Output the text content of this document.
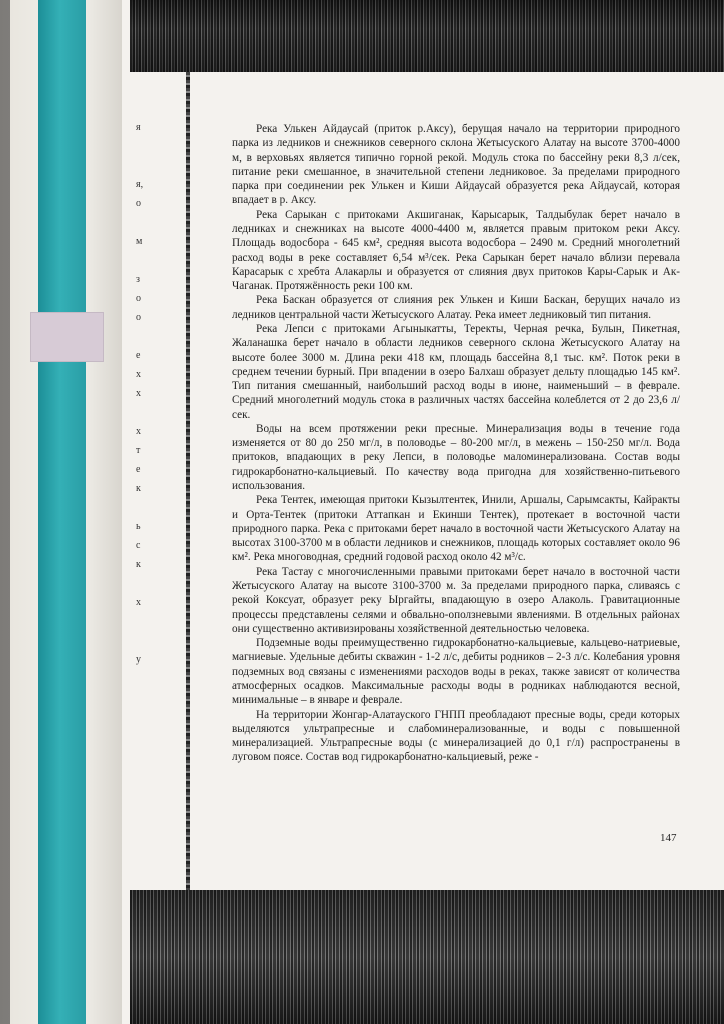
я
я,
о
м
з
о
о
е
х
х
х
т
е
к
ь
с
к
х
у

Река Улькен Айдаусай (приток р.Аксу), берущая начало на территории природного парка из ледников и снежников северного склона Жетысуского Алатау на высоте 3700-4000 м, в верховьях является типично горной рекой. Модуль стока по бассейну реки 8,3 л/сек, питание реки смешанное, в значительной степени ледниковое. За пределами природного парка при соединении рек Улькен и Киши Айдаусай образуется река Айдаусай, которая впадает в р. Аксу.

Река Сарыкан с притоками Акшиганак, Карысарык, Талдыбулак берет начало в ледниках и снежниках на высоте 4000-4400 м, является правым притоком реки Аксу. Площадь водосбора - 645 км², средняя высота водосбора – 2490 м. Средний многолетний расход воды в реке составляет 6,54 м³/сек. Река Сарыкан берет начало вблизи перевала Карасарык с хребта Алакарлы и образуется от слияния двух притоков Кары-Сарык и Ак-Чаганак. Протяжённость реки 100 км.

Река Баскан образуется от слияния рек Улькен и Киши Баскан, берущих начало из ледников центральной части Жетысуского Алатау. Река имеет ледниковый тип питания.

Река Лепси с притоками Агыныкатты, Теректы, Черная речка, Булын, Пикетная, Жаланашка берет начало в области ледников северного склона Жетысуского Алатау на высоте более 3000 м. Длина реки 418 км, площадь бассейна 8,1 тыс. км². Поток реки в среднем течении бурный. При впадении в озеро Балхаш образует дельту площадью 145 км². Тип питания смешанный, наибольший расход воды в июне, наименьший – в феврале. Средний многолетний модуль стока в различных частях бассейна колеблется от 2 до 23,6 л/сек.

Воды на всем протяжении реки пресные. Минерализация воды в течение года изменяется от 80 до 250 мг/л, в половодье – 80-200 мг/л, в межень – 150-250 мг/л. Вода притоков, впадающих в реку Лепси, в половодье маломинерализована. Состав воды гидрокарбонатно-кальциевый. По качеству вода пригодна для хозяйственно-питьевого использования.

Река Тентек, имеющая притоки Кызылтентек, Инили, Аршалы, Сарымсакты, Кайракты и Орта-Тентек (притоки Аттапкан и Екинши Тентек), протекает в восточной части природного парка. Река с притоками берет начало в восточной части Жетысуского Алатау на высотах 3100-3700 м в области ледников и снежников, площадь которых составляет около 96 км². Река многоводная, средний годовой расход около 42 м³/с.

Река Тастау с многочисленными правыми притоками берет начало в восточной части Жетысуского Алатау на высоте 3100-3700 м. За пределами природного парка, сливаясь с рекой Коксуат, образует реку Ыргайты, впадающую в озеро Алаколь. Гравитационные процессы представлены селями и обвально-оползневыми явлениями. В отдельных районах они существенно активизированы хозяйственной деятельностью человека.

Подземные воды преимущественно гидрокарбонатно-кальциевые, кальцево-натриевые, магниевые. Удельные дебиты скважин - 1-2 л/с, дебиты родников – 2-3 л/с. Колебания уровня подземных вод связаны с изменениями расходов воды в реках, также зависят от количества атмосферных осадков. Максимальные расходы воды в родниках наблюдаются весной, минимальные – в январе и феврале.

На территории Жонгар-Алатауского ГНПП преобладают пресные воды, среди которых выделяются ультрапресные и слабоминерализованные, и воды с повышенной минерализацией. Ультрапресные воды (с минерализацией до 0,1 г/л) распространены в луговом поясе. Состав вод гидрокарбонатно-кальциевый, реже -

147
